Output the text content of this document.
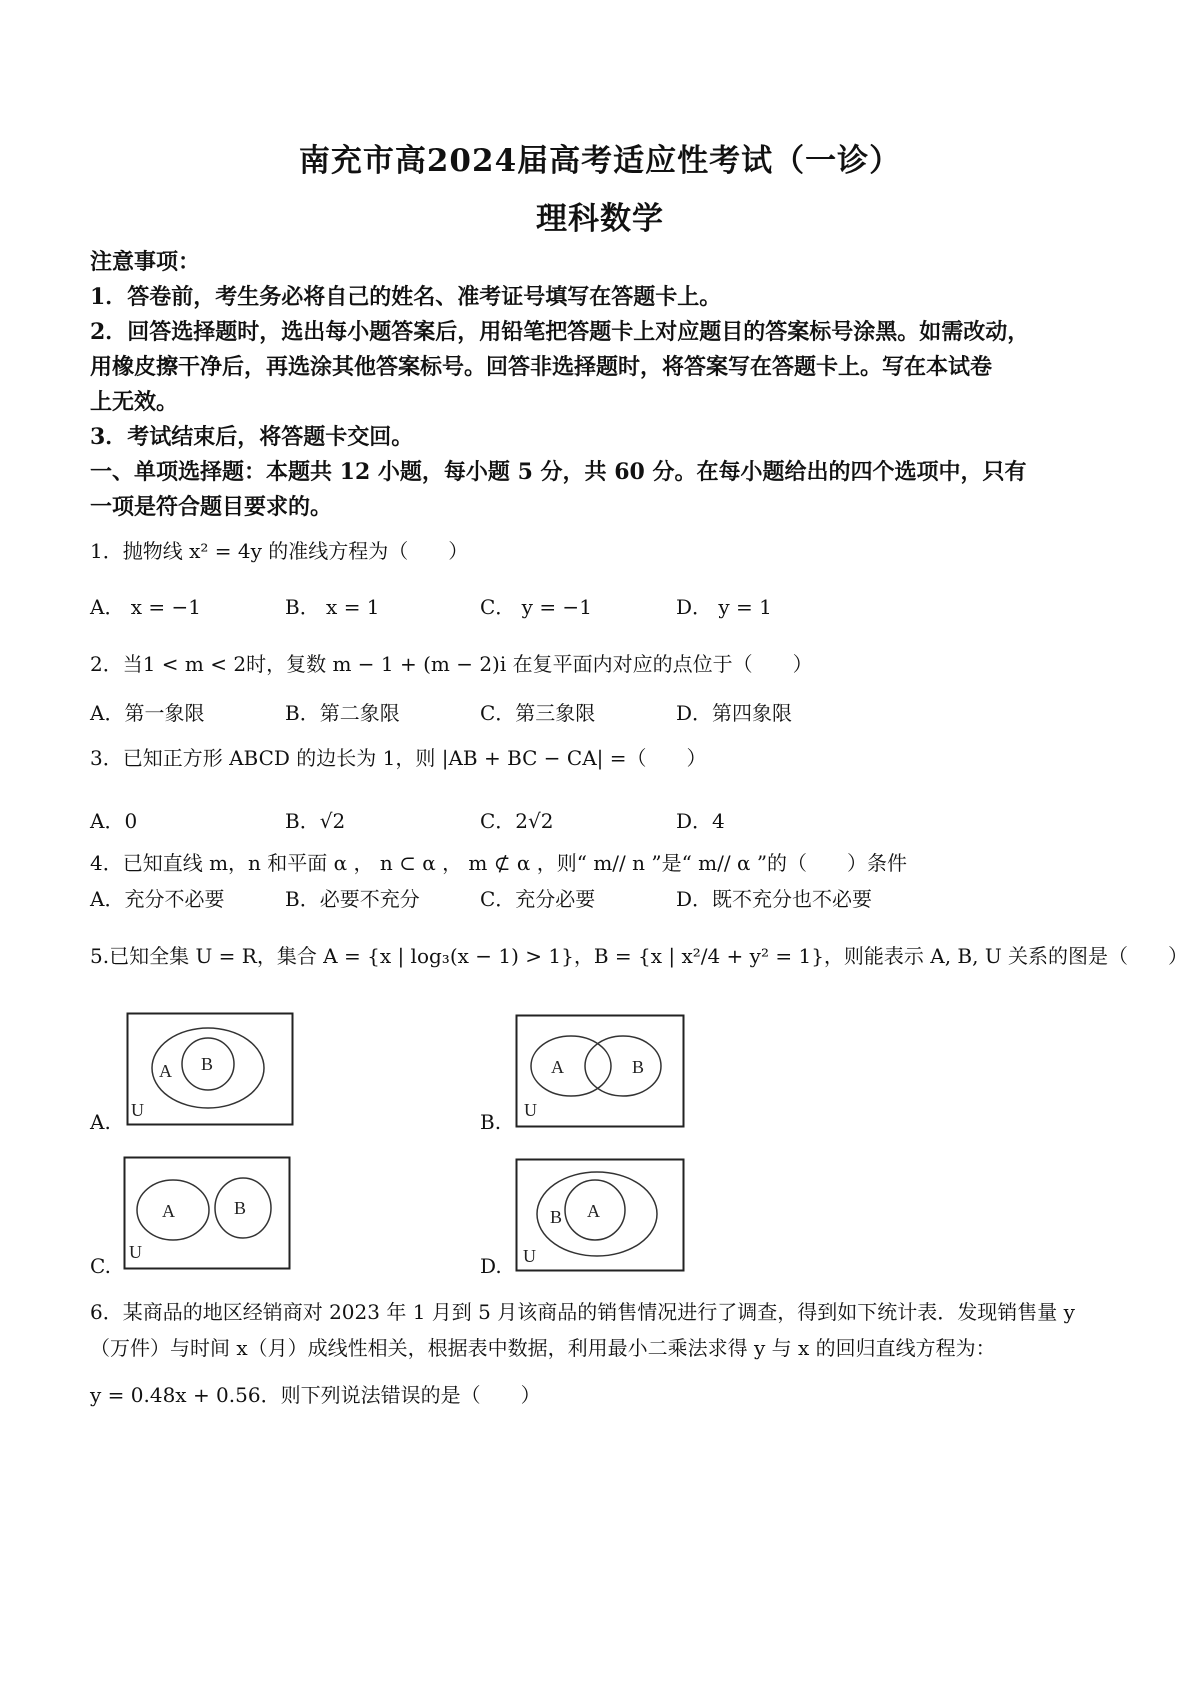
南充市高2024届高考适应性考试（一诊）
理科数学
注意事项：
1．答卷前，考生务必将自己的姓名、准考证号填写在答题卡上。
2．回答选择题时，选出每小题答案后，用铅笔把答题卡上对应题目的答案标号涂黑。如需改动，
用橡皮擦干净后，再选涂其他答案标号。回答非选择题时，将答案写在答题卡上。写在本试卷
上无效。
3．考试结束后，将答题卡交回。
一、单项选择题：本题共 12 小题，每小题 5 分，共 60 分。在每小题给出的四个选项中，只有
一项是符合题目要求的。
1．抛物线 x² = 4y 的准线方程为（　　）
A． x = −1	B． x = 1	C． y = −1	D． y = 1
2．当1 < m < 2时，复数 m − 1 + (m − 2)i 在复平面内对应的点位于（　　）
A．第一象限	B．第二象限	C．第三象限	D．第四象限
3．已知正方形 ABCD 的边长为 1，则 |AB + BC − CA| =（　　）
A．0	B．√2	C．2√2	D．4
4．已知直线 m，n 和平面 α ， n ⊂ α ， m ⊄ α ，则“ m// n ”是“ m// α ”的（　　）条件
A．充分不必要	B．必要不充分	C．充分必要	D．既不充分也不必要
5.已知全集 U = R，集合 A = {x | log₃(x − 1) > 1}，B = {x | x²/4 + y² = 1}，则能表示 A, B, U 关系的图是（　　）
A.
A B
U	B.
A	B
U
C.
A	B
U
D.
B A
U
6．某商品的地区经销商对 2023 年 1 月到 5 月该商品的销售情况进行了调查，得到如下统计表．发现销售量 y
（万件）与时间 x（月）成线性相关，根据表中数据，利用最小二乘法求得 y 与 x 的回归直线方程为：
y = 0.48x + 0.56．则下列说法错误的是（　　）
